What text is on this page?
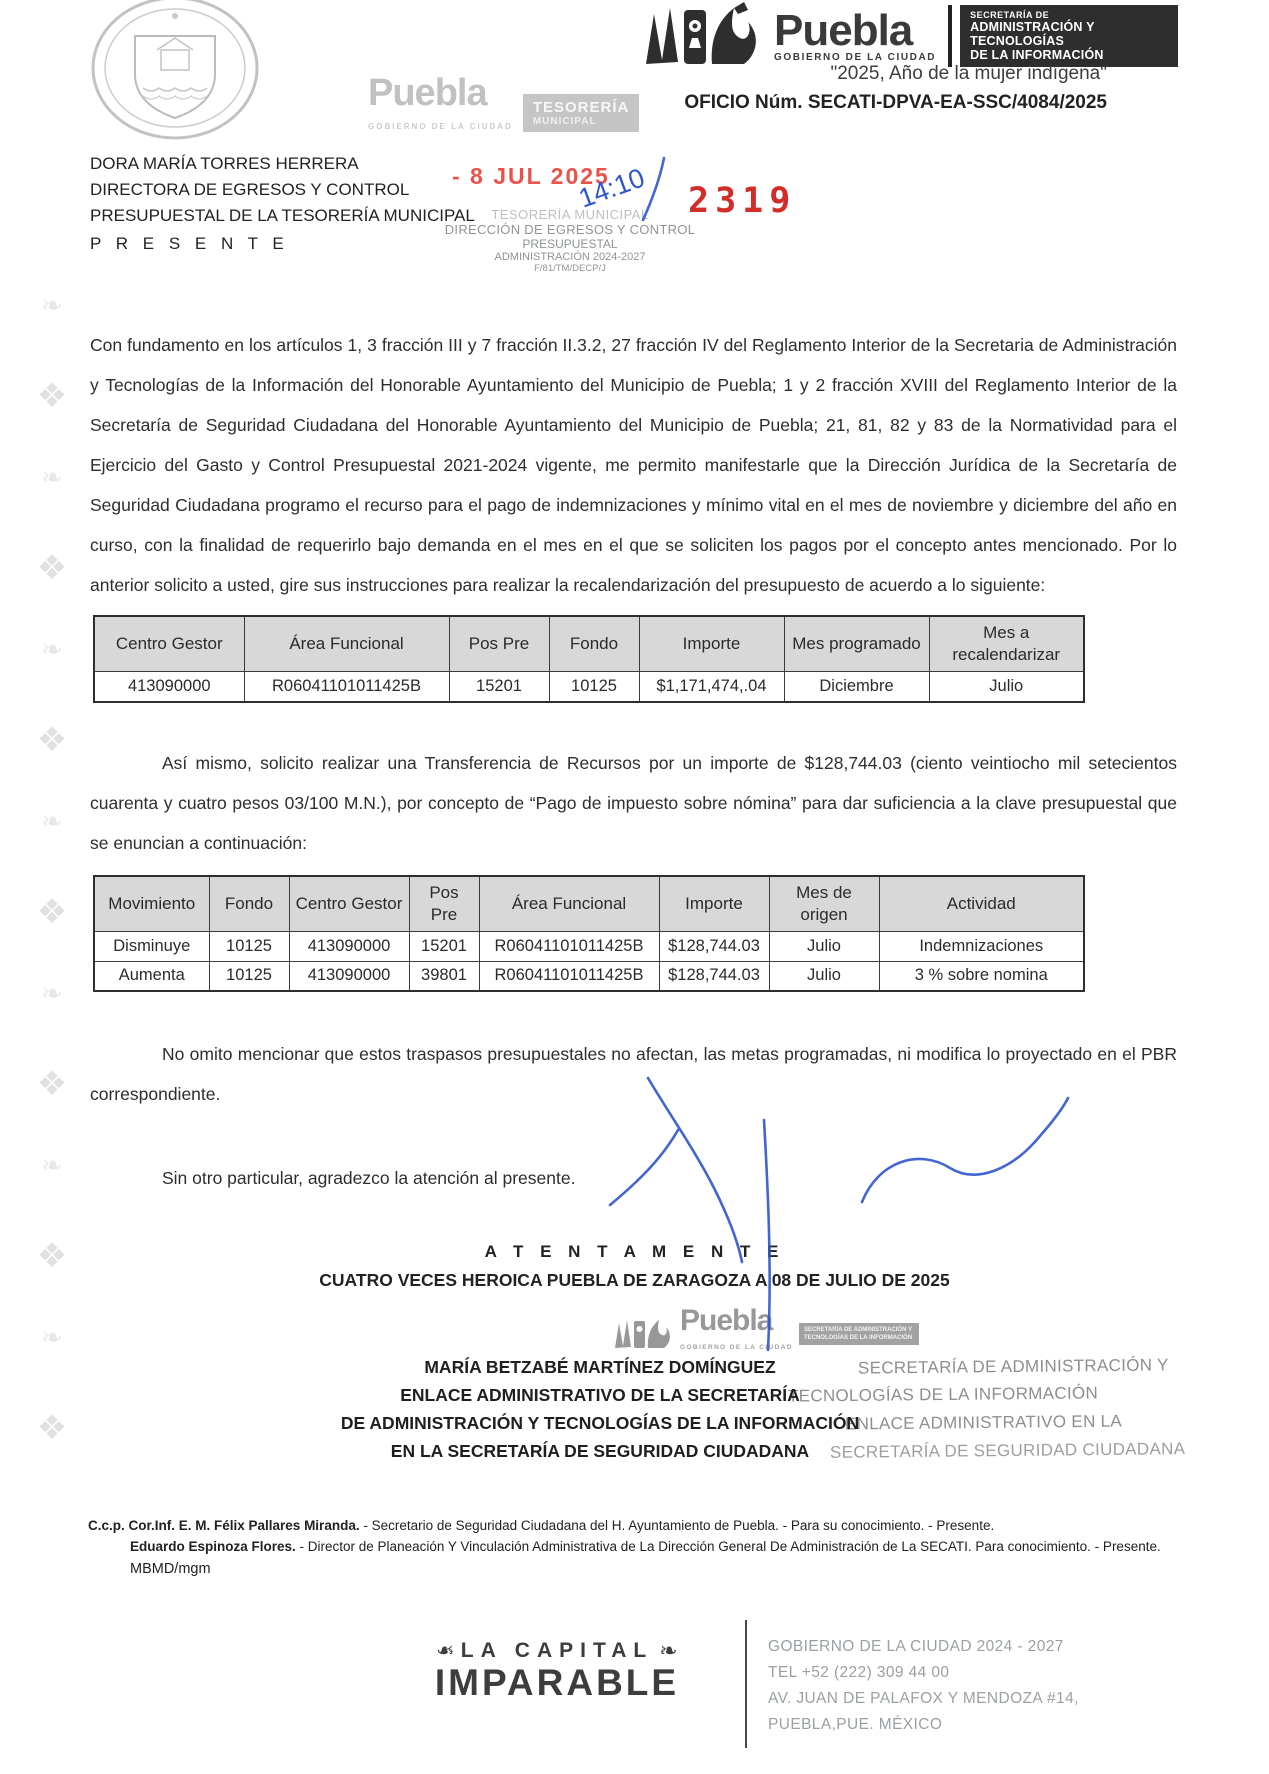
❧
❖
❧
❖
❧
❖
❧
❖
❧
❖
❧
❖
❧
❖
Puebla
GOBIERNO DE LA CIUDAD
TESORERÍA
MUNICIPAL
Puebla
GOBIERNO DE LA CIUDAD
SECRETARÍA DE
ADMINISTRACIÓN Y TECNOLOGÍAS
DE LA INFORMACIÓN
"2025, Año de la mujer indígena"
OFICIO Núm. SECATI-DPVA-EA-SSC/4084/2025
DORA MARÍA TORRES HERRERA
DIRECTORA DE EGRESOS Y CONTROL
PRESUPUESTAL DE LA TESORERÍA MUNICIPAL
P R E S E N T E
- 8 JUL 2025
14:10 2319
TESORERÍA MUNICIPAL
DIRECCIÓN DE EGRESOS Y CONTROL
PRESUPUESTAL
ADMINISTRACIÓN 2024-2027
F/81/TM/DECP/J

Con fundamento en los artículos 1, 3 fracción III y 7 fracción II.3.2, 27 fracción IV del Reglamento Interior de la Secretaria de Administración y Tecnologías de la Información del Honorable Ayuntamiento del Municipio de Puebla; 1 y 2 fracción XVIII del Reglamento Interior de la Secretaría de Seguridad Ciudadana del Honorable Ayuntamiento del Municipio de Puebla; 21, 81, 82 y 83 de la Normatividad para el Ejercicio del Gasto y Control Presupuestal 2021-2024 vigente, me permito manifestarle que la Dirección Jurídica de la Secretaría de Seguridad Ciudadana programo el recurso para el pago de indemnizaciones y mínimo vital en el mes de noviembre y diciembre del año en curso, con la finalidad de requerirlo bajo demanda en el mes en el que se soliciten los pagos por el concepto antes mencionado. Por lo anterior solicito a usted, gire sus instrucciones para realizar la recalendarización del presupuesto de acuerdo a lo siguiente:

Centro Gestor	Área Funcional	Pos Pre	Fondo	Importe	Mes programado	Mes a recalendarizar
413090000	R06041101011425B	15201	10125	$1,171,474,.04	Diciembre	Julio

Así mismo, solicito realizar una Transferencia de Recursos por un importe de $128,744.03 (ciento veintiocho mil setecientos cuarenta y cuatro pesos 03/100 M.N.), por concepto de “Pago de impuesto sobre nómina” para dar suficiencia a la clave presupuestal que se enuncian a continuación:

Movimiento	Fondo	Centro Gestor	Pos Pre	Área Funcional	Importe	Mes de origen	Actividad
Disminuye	10125	413090000	15201	R06041101011425B	$128,744.03	Julio	Indemnizaciones
Aumenta	10125	413090000	39801	R06041101011425B	$128,744.03	Julio	3 % sobre nomina

No omito mencionar que estos traspasos presupuestales no afectan, las metas programadas, ni modifica lo proyectado en el PBR correspondiente.

Sin otro particular, agradezco la atención al presente.

A T E N T A M E N T E
CUATRO VECES HEROICA PUEBLA DE ZARAGOZA A 08 DE JULIO DE 2025
Puebla
GOBIERNO DE LA CIUDAD
SECRETARÍA DE ADMINISTRACIÓN Y TECNOLOGÍAS DE LA INFORMACIÓN
SECRETARÍA DE ADMINISTRACIÓN Y
TECNOLOGÍAS DE LA INFORMACIÓN
ENLACE ADMINISTRATIVO EN LA
SECRETARÍA DE SEGURIDAD CIUDADANA
MARÍA BETZABÉ MARTÍNEZ DOMÍNGUEZ
ENLACE ADMINISTRATIVO DE LA SECRETARÍA
DE ADMINISTRACIÓN Y TECNOLOGÍAS DE LA INFORMACIÓN
EN LA SECRETARÍA DE SEGURIDAD CIUDADANA
C.c.p. Cor.Inf. E. M. Félix Pallares Miranda. - Secretario de Seguridad Ciudadana del H. Ayuntamiento de Puebla. - Para su conocimiento. - Presente.
Eduardo Espinoza Flores. - Director de Planeación Y Vinculación Administrativa de La Dirección General De Administración de La SECATI. Para conocimiento. - Presente.
MBMD/mgm
❧ LA CAPITAL ❧
IMPARABLE
GOBIERNO DE LA CIUDAD 2024 - 2027
TEL +52 (222) 309 44 00
AV. JUAN DE PALAFOX Y MENDOZA #14,
PUEBLA,PUE. MÉXICO
